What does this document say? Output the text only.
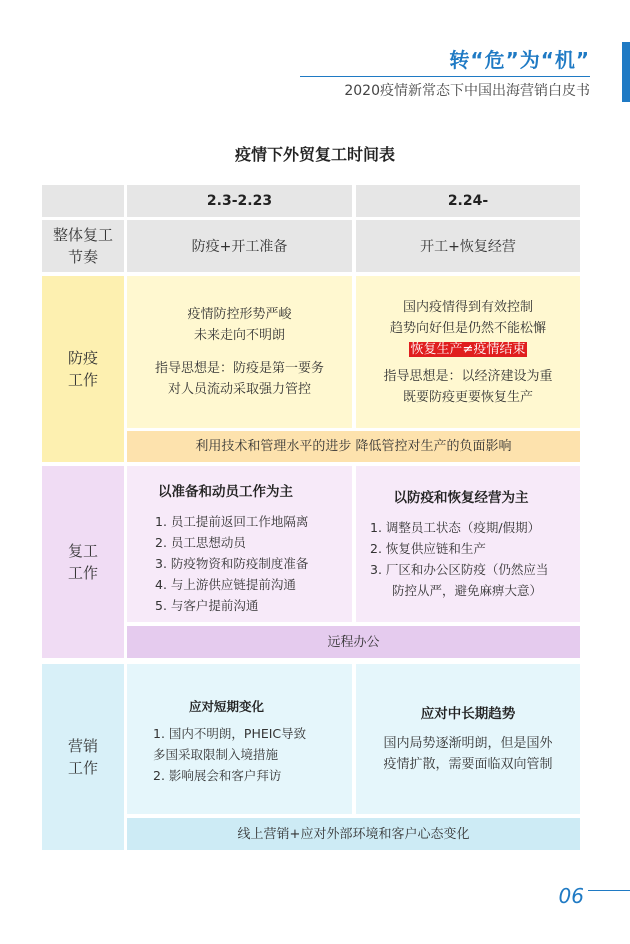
转“危”为“机”
2020疫情新常态下中国出海营销白皮书
疫情下外贸复工时间表
2.3-2.23	2.24-
整体复工
节奏
防疫+开工准备	开工+恢复经营
防疫
工作
疫情防控形势严峻
未来走向不明朗
指导思想是：防疫是第一要务
对人员流动采取强力管控
国内疫情得到有效控制
趋势向好但是仍然不能松懈
恢复生产≠疫情结束
指导思想是：以经济建设为重
既要防疫更要恢复生产
利用技术和管理水平的进步 降低管控对生产的负面影响
复工
工作
以准备和动员工作为主
1. 员工提前返回工作地隔离
2. 员工思想动员
3. 防疫物资和防疫制度准备
4. 与上游供应链提前沟通
5. 与客户提前沟通
以防疫和恢复经营为主
1. 调整员工状态（疫期/假期）
2. 恢复供应链和生产
3. 厂区和办公区防疫（仍然应当
防控从严，避免麻痹大意）
远程办公
营销
工作
应对短期变化
1. 国内不明朗，PHEIC导致
多国采取限制入境措施
2. 影响展会和客户拜访
应对中长期趋势
国内局势逐渐明朗，但是国外
疫情扩散，需要面临双向管制
线上营销+应对外部环境和客户心态变化
06
